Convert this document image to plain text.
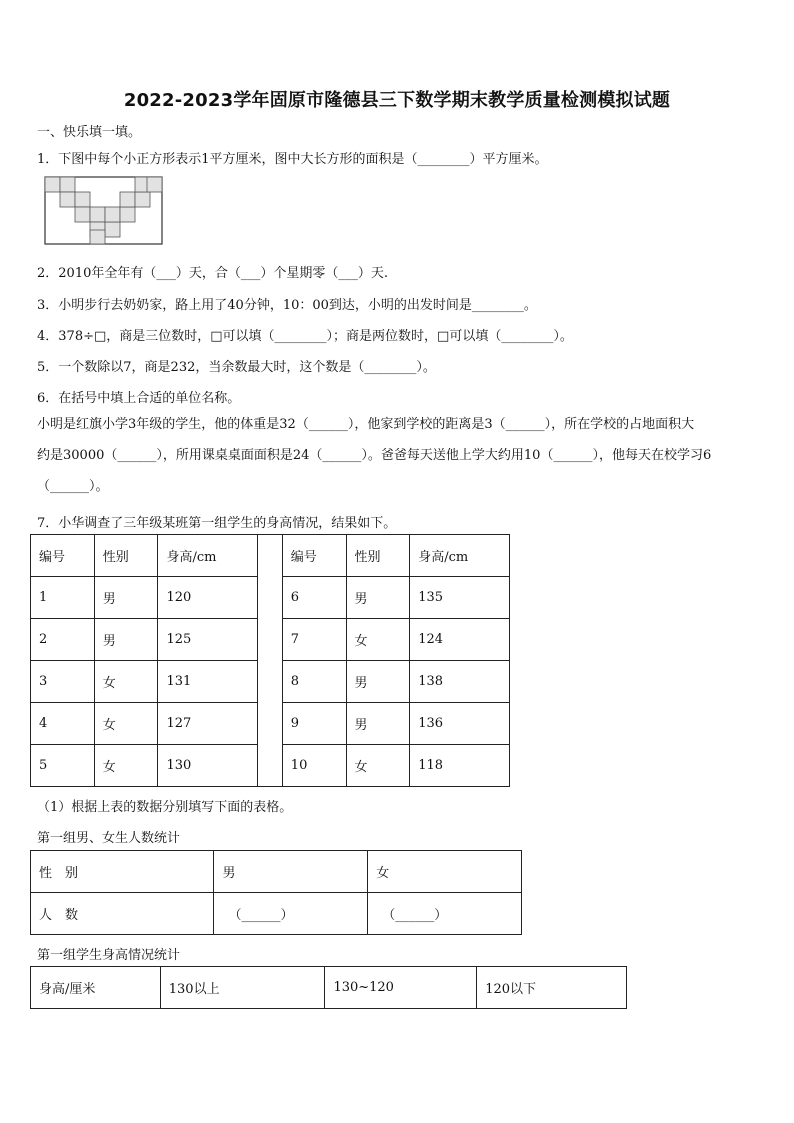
2022-2023学年固原市隆德县三下数学期末教学质量检测模拟试题
一、快乐填一填。
1．下图中每个小正方形表示1平方厘米，图中大长方形的面积是（________）平方厘米。
2．2010年全年有（___）天，合（___）个星期零（___）天.
3．小明步行去奶奶家，路上用了40分钟，10：00到达，小明的出发时间是________。
4．378÷□，商是三位数时，□可以填（________）；商是两位数时，□可以填（________）。
5．一个数除以7，商是232，当余数最大时，这个数是（________）。
6．在括号中填上合适的单位名称。
小明是红旗小学3年级的学生，他的体重是32（______），他家到学校的距离是3（______），所在学校的占地面积大
约是30000（______），所用课桌桌面面积是24（______）。爸爸每天送他上学大约用10（______），他每天在校学习6
（______）。
7．小华调查了三年级某班第一组学生的身高情况，结果如下。
编号	性别	身高/cm		编号	性别	身高/cm
1	男	120		6	男	135
2	男	125		7	女	124
3	女	131		8	男	138
4	女	127		9	男	136
5	女	130		10	女	118
（1）根据上表的数据分别填写下面的表格。
第一组男、女生人数统计
性　别	男	女
人　数	（______）	（______）
第一组学生身高情况统计
身高/厘米	130以上	130~120	120以下
